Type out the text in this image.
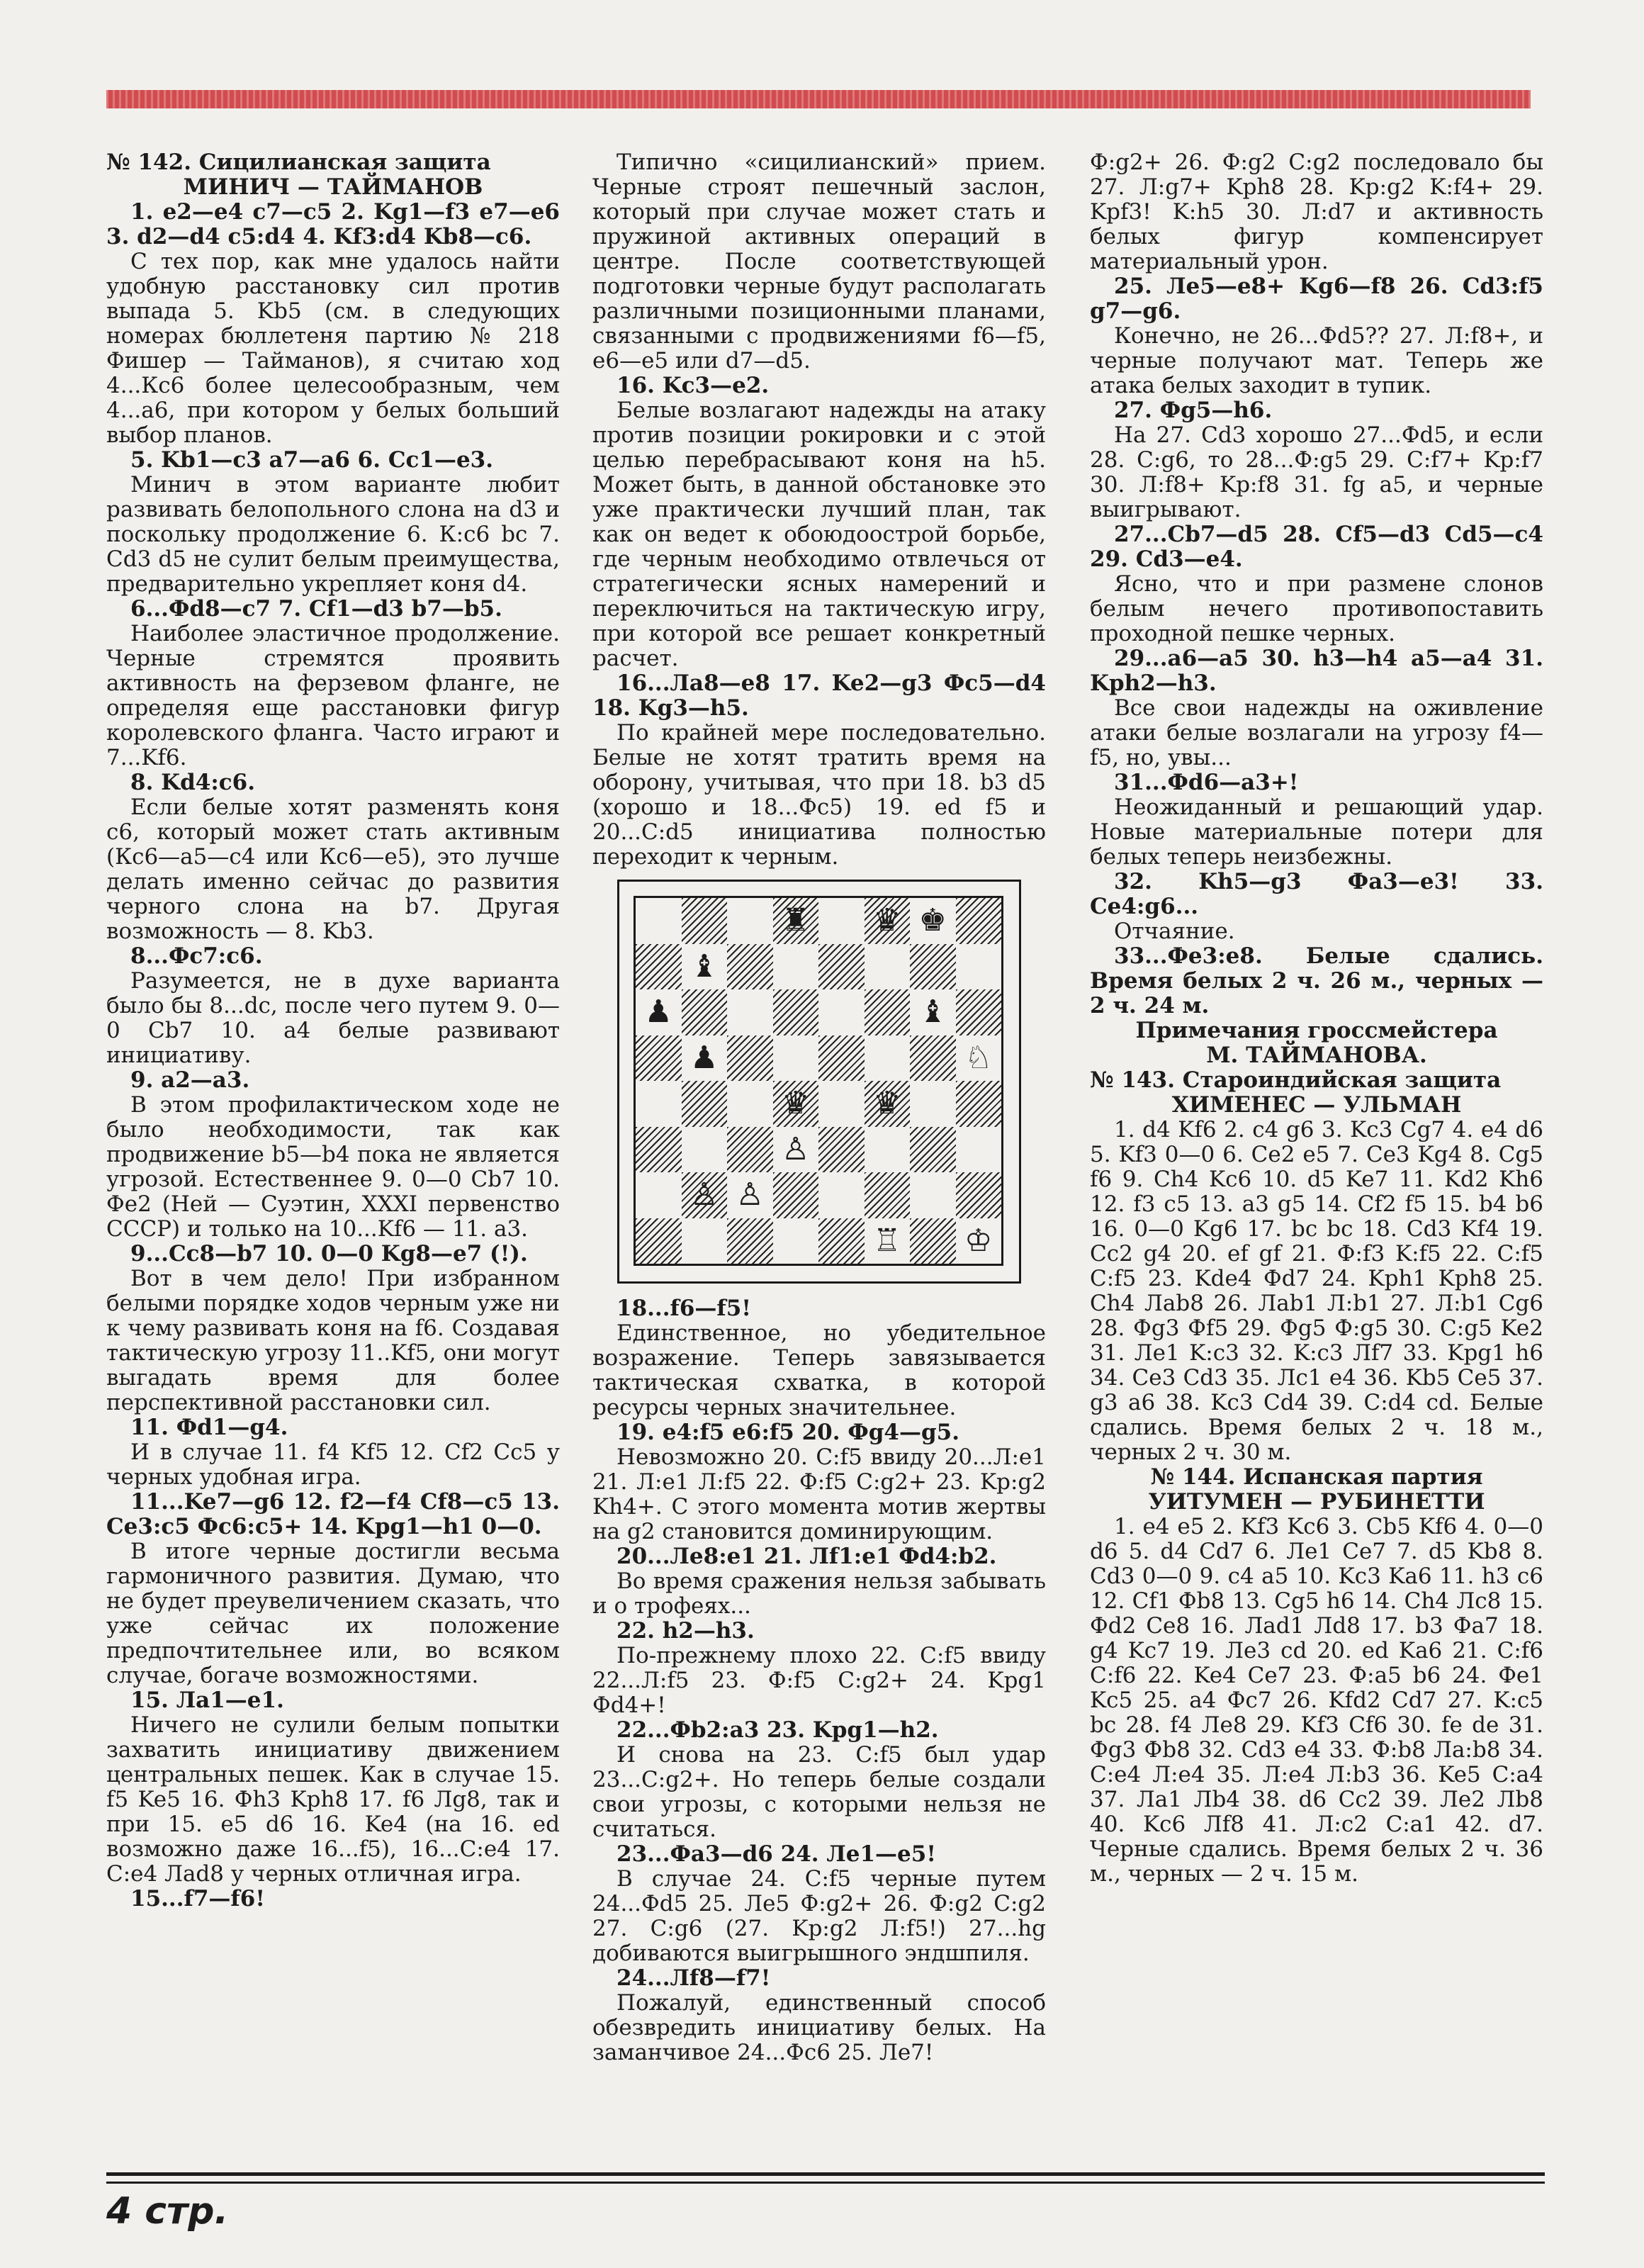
№ 142. Сицилианская защита

МИНИЧ — ТАЙМАНОВ

1. e2—e4 c7—c5 2. Kg1—f3 e7—e6 3. d2—d4 c5:d4 4. Kf3:d4 Kb8—c6.

С тех пор, как мне удалось найти удобную расстановку сил против выпада 5. Kb5 (см. в следующих номерах бюллетеня партию № 218 Фишер — Тайманов), я считаю ход 4...Кс6 более целесообразным, чем 4...а6, при котором у белых больший выбор планов.

5. Kb1—c3 a7—a6 6. Cc1—e3.

Минич в этом варианте любит развивать белопольного слона на d3 и поскольку продолжение 6. К:с6 bc 7. Cd3 d5 не сулит белым преимущества, предварительно укрепляет коня d4.

6...Фd8—c7 7. Cf1—d3 b7—b5.

Наиболее эластичное продолжение. Черные стремятся проявить активность на ферзевом фланге, не определяя еще расстановки фигур королевского фланга. Часто играют и 7...Kf6.

8. Kd4:c6.

Если белые хотят разменять коня с6, который может стать активным (Кс6—а5—с4 или Кс6—е5), это лучше делать именно сейчас до развития черного слона на b7. Другая возможность — 8. Kb3.

8...Фc7:c6.

Разумеется, не в духе варианта было бы 8...dc, после чего путем 9. 0—0 Cb7 10. a4 белые развивают инициативу.

9. a2—a3.

В этом профилактическом ходе не было необходимости, так как продвижение b5—b4 пока не является угрозой. Естественнее 9. 0—0 Cb7 10. Фе2 (Ней — Суэтин, XXXI первенство СССР) и только на 10...Kf6 — 11. a3.

9...Cc8—b7 10. 0—0 Kg8—e7 (!).

Вот в чем дело! При избранном белыми порядке ходов черным уже ни к чему развивать коня на f6. Создавая тактическую угрозу 11..Kf5, они могут выгадать время для более перспективной расстановки сил.

11. Фd1—g4.

И в случае 11. f4 Kf5 12. Cf2 Cc5 у черных удобная игра.

11...Ke7—g6 12. f2—f4 Cf8—c5 13. Ce3:c5 Фc6:c5+ 14. Kpg1—h1 0—0.

В итоге черные достигли весьма гармоничного развития. Думаю, что не будет преувеличением сказать, что уже сейчас их положение предпочтительнее или, во всяком случае, богаче возможностями.

15. Ла1—e1.

Ничего не сулили белым попытки захватить инициативу движением центральных пешек. Как в случае 15. f5 Ke5 16. Фh3 Kph8 17. f6 Лg8, так и при 15. e5 d6 16. Ke4 (на 16. ed возможно даже 16...f5), 16...C:e4 17. C:e4 Лad8 у черных отличная игра.

15...f7—f6!

Типично «сицилианский» прием. Черные строят пешечный заслон, который при случае может стать и пружиной активных операций в центре. После соответствующей подготовки черные будут располагать различными позиционными планами, связанными с продвижениями f6—f5, e6—e5 или d7—d5.

16. Kc3—e2.

Белые возлагают надежды на атаку против позиции рокировки и с этой целью перебрасывают коня на h5. Может быть, в данной обстановке это уже практически лучший план, так как он ведет к обоюдоострой борьбе, где черным необходимо отвлечься от стратегически ясных намерений и переключиться на тактическую игру, при которой все решает конкретный расчет.

16...Лa8—e8 17. Ke2—g3 Фc5—d4 18. Kg3—h5.

По крайней мере последовательно. Белые не хотят тратить время на оборону, учитывая, что при 18. b3 d5 (хорошо и 18...Фc5) 19. ed f5 и 20...C:d5 инициатива полностью переходит к черным.

♜ ♛ ♚
♝
♟	♝
♟	♘
♛ ♛
♙
♙ ♙
♖ ♔

18...f6—f5!

Единственное, но убедительное возражение. Теперь завязывается тактическая схватка, в которой ресурсы черных значительнее.

19. e4:f5 e6:f5 20. Фg4—g5.

Невозможно 20. C:f5 ввиду 20...Л:e1 21. Л:e1 Л:f5 22. Ф:f5 C:g2+ 23. Kp:g2 Kh4+. С этого момента мотив жертвы на g2 становится доминирующим.

20...Лe8:e1 21. Лf1:e1 Фd4:b2.

Во время сражения нельзя забывать и о трофеях...

22. h2—h3.

По-прежнему плохо 22. C:f5 ввиду 22...Л:f5 23. Ф:f5 C:g2+ 24. Kpg1 Фd4+!

22...Фb2:a3 23. Kpg1—h2.

И снова на 23. C:f5 был удар 23...C:g2+. Но теперь белые создали свои угрозы, с которыми нельзя не считаться.

23...Фa3—d6 24. Лe1—e5!

В случае 24. C:f5 черные путем 24...Фd5 25. Лe5 Ф:g2+ 26. Ф:g2 C:g2 27. C:g6 (27. Kp:g2 Л:f5!) 27...hg добиваются выигрышного эндшпиля.

24...Лf8—f7!

Пожалуй, единственный способ обезвредить инициативу белых. На заманчивое 24...Фc6 25. Лe7!

Ф:g2+ 26. Ф:g2 C:g2 последовало бы 27. Л:g7+ Kph8 28. Kp:g2 K:f4+ 29. Kpf3! K:h5 30. Л:d7 и активность белых фигур компенсирует материальный урон.

25. Лe5—e8+ Kg6—f8 26. Cd3:f5 g7—g6.

Конечно, не 26...Фd5?? 27. Л:f8+, и черные получают мат. Теперь же атака белых заходит в тупик.

27. Фg5—h6.

На 27. Cd3 хорошо 27...Фd5, и если 28. C:g6, то 28...Ф:g5 29. C:f7+ Kp:f7 30. Л:f8+ Kp:f8 31. fg a5, и черные выигрывают.

27...Cb7—d5 28. Cf5—d3 Cd5—c4 29. Cd3—e4.

Ясно, что и при размене слонов белым нечего противопоставить проходной пешке черных.

29...a6—a5 30. h3—h4 a5—a4 31. Kph2—h3.

Все свои надежды на оживление атаки белые возлагали на угрозу f4—f5, но, увы...

31...Фd6—a3+!

Неожиданный и решающий удар. Новые материальные потери для белых теперь неизбежны.

32. Kh5—g3 Фa3—e3! 33. Ce4:g6...

Отчаяние.

33...Фe3:e8. Белые сдались. Время белых 2 ч. 26 м., черных — 2 ч. 24 м.

Примечания гроссмейстера

М. ТАЙМАНОВА.

№ 143. Староиндийская защита

ХИМЕНЕС — УЛЬМАН

1. d4 Kf6 2. c4 g6 3. Kc3 Cg7 4. e4 d6 5. Kf3 0—0 6. Ce2 e5 7. Ce3 Kg4 8. Cg5 f6 9. Ch4 Kc6 10. d5 Ke7 11. Kd2 Kh6 12. f3 c5 13. a3 g5 14. Cf2 f5 15. b4 b6 16. 0—0 Kg6 17. bc bc 18. Cd3 Kf4 19. Cc2 g4 20. ef gf 21. Ф:f3 K:f5 22. C:f5 C:f5 23. Kde4 Фd7 24. Kph1 Kph8 25. Ch4 Лab8 26. Лab1 Л:b1 27. Л:b1 Cg6 28. Фg3 Фf5 29. Фg5 Ф:g5 30. C:g5 Ke2 31. Лe1 K:c3 32. K:c3 Лf7 33. Kpg1 h6 34. Ce3 Cd3 35. Лc1 e4 36. Kb5 Ce5 37. g3 a6 38. Kc3 Cd4 39. C:d4 cd. Белые сдались. Время белых 2 ч. 18 м., черных 2 ч. 30 м.

№ 144. Испанская партия

УИТУМЕН — РУБИНЕТТИ

1. e4 e5 2. Kf3 Kc6 3. Cb5 Kf6 4. 0—0 d6 5. d4 Cd7 6. Лe1 Ce7 7. d5 Kb8 8. Cd3 0—0 9. c4 a5 10. Kc3 Ka6 11. h3 c6 12. Cf1 Фb8 13. Cg5 h6 14. Ch4 Лc8 15. Фd2 Ce8 16. Лad1 Лd8 17. b3 Фa7 18. g4 Kc7 19. Лe3 cd 20. ed Ka6 21. C:f6 C:f6 22. Ke4 Ce7 23. Ф:a5 b6 24. Фe1 Kc5 25. a4 Фc7 26. Kfd2 Cd7 27. K:c5 bc 28. f4 Лe8 29. Kf3 Cf6 30. fe de 31. Фg3 Фb8 32. Cd3 e4 33. Ф:b8 Лa:b8 34. C:e4 Л:e4 35. Л:e4 Л:b3 36. Ke5 C:a4 37. Лa1 Лb4 38. d6 Cc2 39. Лe2 Лb8 40. Kc6 Лf8 41. Л:c2 C:a1 42. d7. Черные сдались. Время белых 2 ч. 36 м., черных — 2 ч. 15 м.

4 стр.
